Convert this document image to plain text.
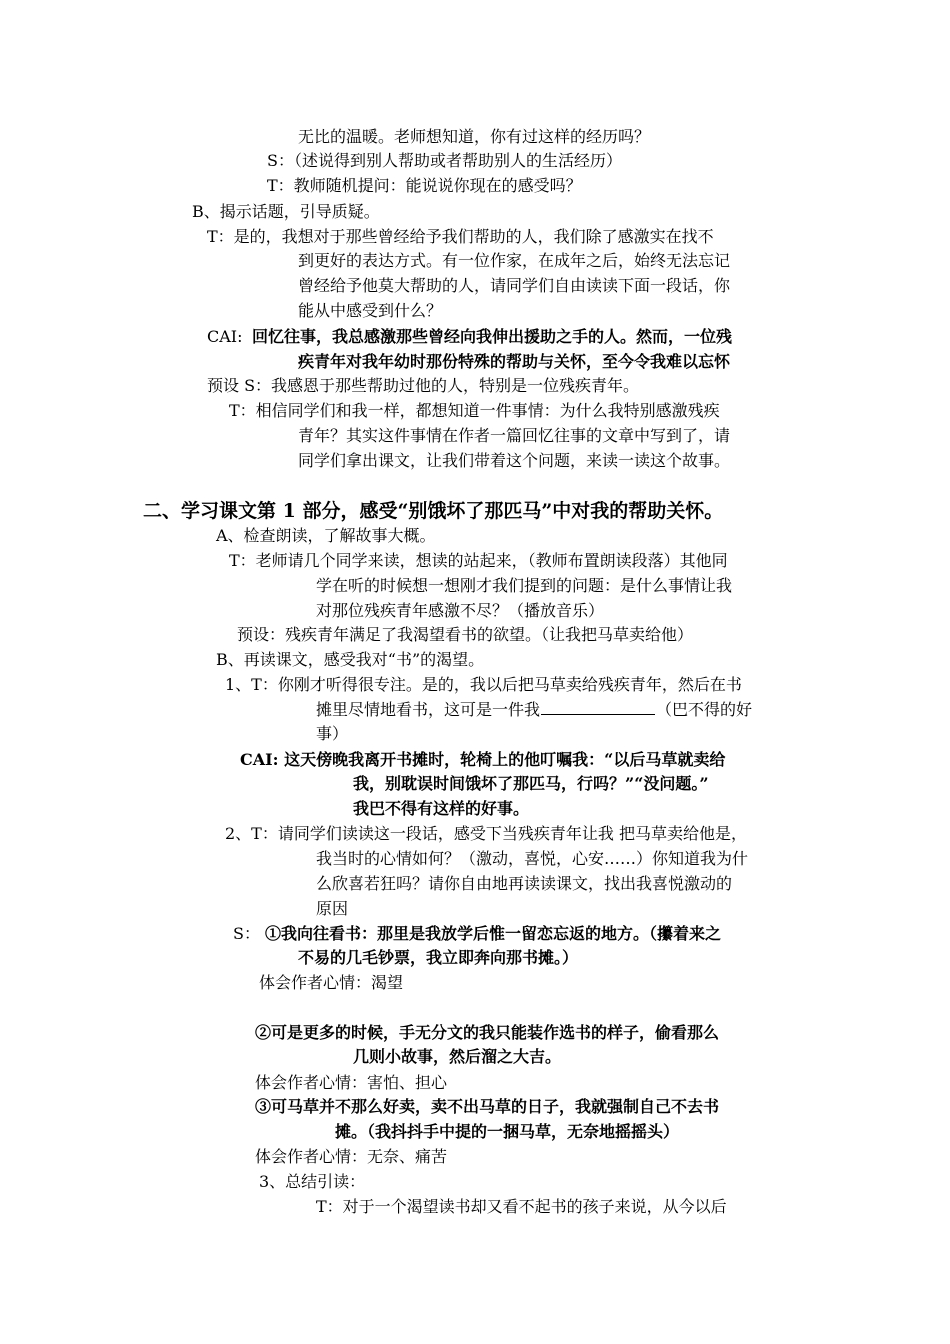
无比的温暖。老师想知道，你有过这样的经历吗？
S：（述说得到别人帮助或者帮助别人的生活经历）
T：教师随机提问：能说说你现在的感受吗？
B、揭示话题，引导质疑。
T：是的，我想对于那些曾经给予我们帮助的人，我们除了感激实在找不
到更好的表达方式。有一位作家，在成年之后，始终无法忘记
曾经给予他莫大帮助的人，请同学们自由读读下面一段话，你
能从中感受到什么？
CAI: 回忆往事，我总感激那些曾经向我伸出援助之手的人。然而，一位残
疾青年对我年幼时那份特殊的帮助与关怀，至今令我难以忘怀
预设 S：我感恩于那些帮助过他的人，特别是一位残疾青年。
T：相信同学们和我一样，都想知道一件事情：为什么我特别感激残疾
青年？其实这件事情在作者一篇回忆往事的文章中写到了，请
同学们拿出课文，让我们带着这个问题，来读一读这个故事。
二、学习课文第 1 部分，感受“别饿坏了那匹马”中对我的帮助关怀。
A、检查朗读，了解故事大概。
T：老师请几个同学来读，想读的站起来，（教师布置朗读段落）其他同
学在听的时候想一想刚才我们提到的问题：是什么事情让我
对那位残疾青年感激不尽？（播放音乐）
预设：残疾青年满足了我渴望看书的欲望。（让我把马草卖给他）
B、再读课文，感受我对“书”的渴望。
1、T：你刚才听得很专注。是的，我以后把马草卖给残疾青年，然后在书
摊里尽情地看书，这可是一件我	（巴不得的好
事）
CAI: 这天傍晚我离开书摊时，轮椅上的他叮嘱我：“以后马草就卖给
我，别耽误时间饿坏了那匹马，行吗？”“没问题。”
我巴不得有这样的好事。
2、T：请同学们读读这一段话，感受下当残疾青年让我 把马草卖给他是，
我当时的心情如何？（激动，喜悦，心安……）你知道我为什
么欣喜若狂吗？请你自由地再读读课文，找出我喜悦激动的
原因
S： ①我向往看书：那里是我放学后惟一留恋忘返的地方。（攥着来之
不易的几毛钞票，我立即奔向那书摊。）
体会作者心情：渴望
②可是更多的时候，手无分文的我只能装作选书的样子，偷看那么
几则小故事，然后溜之大吉。
体会作者心情：害怕、担心
③可马草并不那么好卖，卖不出马草的日子，我就强制自己不去书
摊。（我抖抖手中提的一捆马草，无奈地摇摇头）
体会作者心情：无奈、痛苦
3、总结引读：
T：对于一个渴望读书却又看不起书的孩子来说，从今以后
